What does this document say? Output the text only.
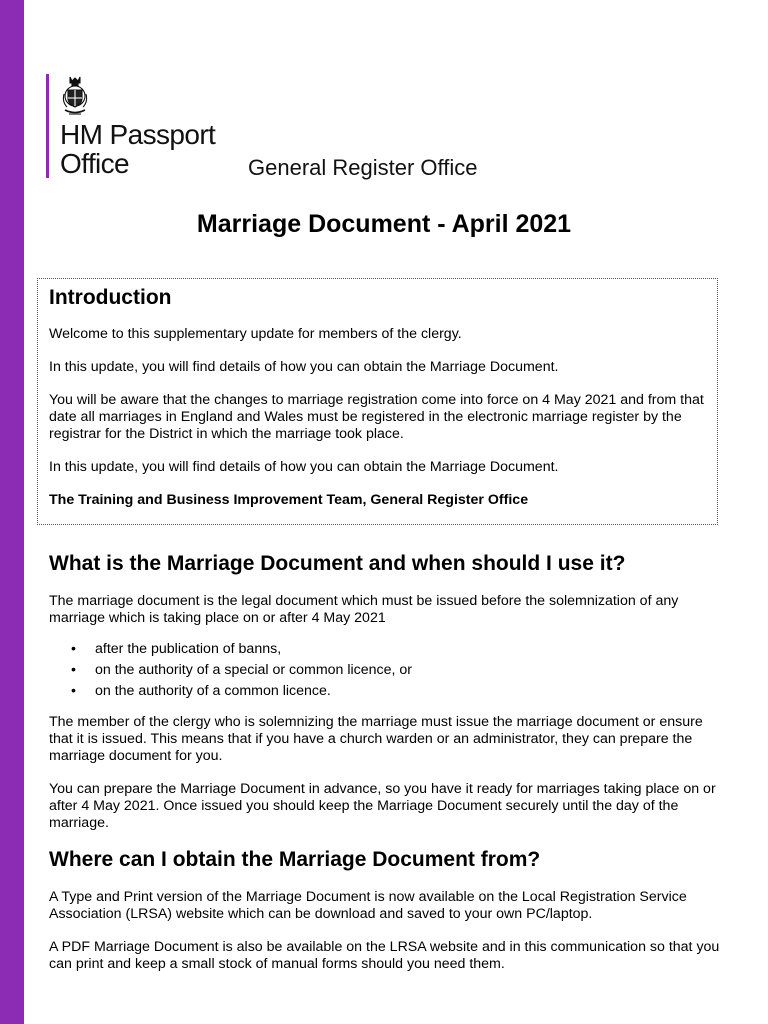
HM Passport
Office	General Register Office
Marriage Document - April 2021
Introduction

Welcome to this supplementary update for members of the clergy.

In this update, you will find details of how you can obtain the Marriage Document.

You will be aware that the changes to marriage registration come into force on 4 May 2021 and from that date all marriages in England and Wales must be registered in the electronic marriage register by the registrar for the District in which the marriage took place.

In this update, you will find details of how you can obtain the Marriage Document.

The Training and Business Improvement Team, General Register Office

What is the Marriage Document and when should I use it?

The marriage document is the legal document which must be issued before the solemnization of any marriage which is taking place on or after 4 May 2021

• after the publication of banns,
• on the authority of a special or common licence, or
• on the authority of a common licence.

The member of the clergy who is solemnizing the marriage must issue the marriage document or ensure that it is issued. This means that if you have a church warden or an administrator, they can prepare the marriage document for you.

You can prepare the Marriage Document in advance, so you have it ready for marriages taking place on or after 4 May 2021. Once issued you should keep the Marriage Document securely until the day of the marriage.

Where can I obtain the Marriage Document from?

A Type and Print version of the Marriage Document is now available on the Local Registration Service Association (LRSA) website which can be download and saved to your own PC/laptop.

A PDF Marriage Document is also be available on the LRSA website and in this communication so that you can print and keep a small stock of manual forms should you need them.
